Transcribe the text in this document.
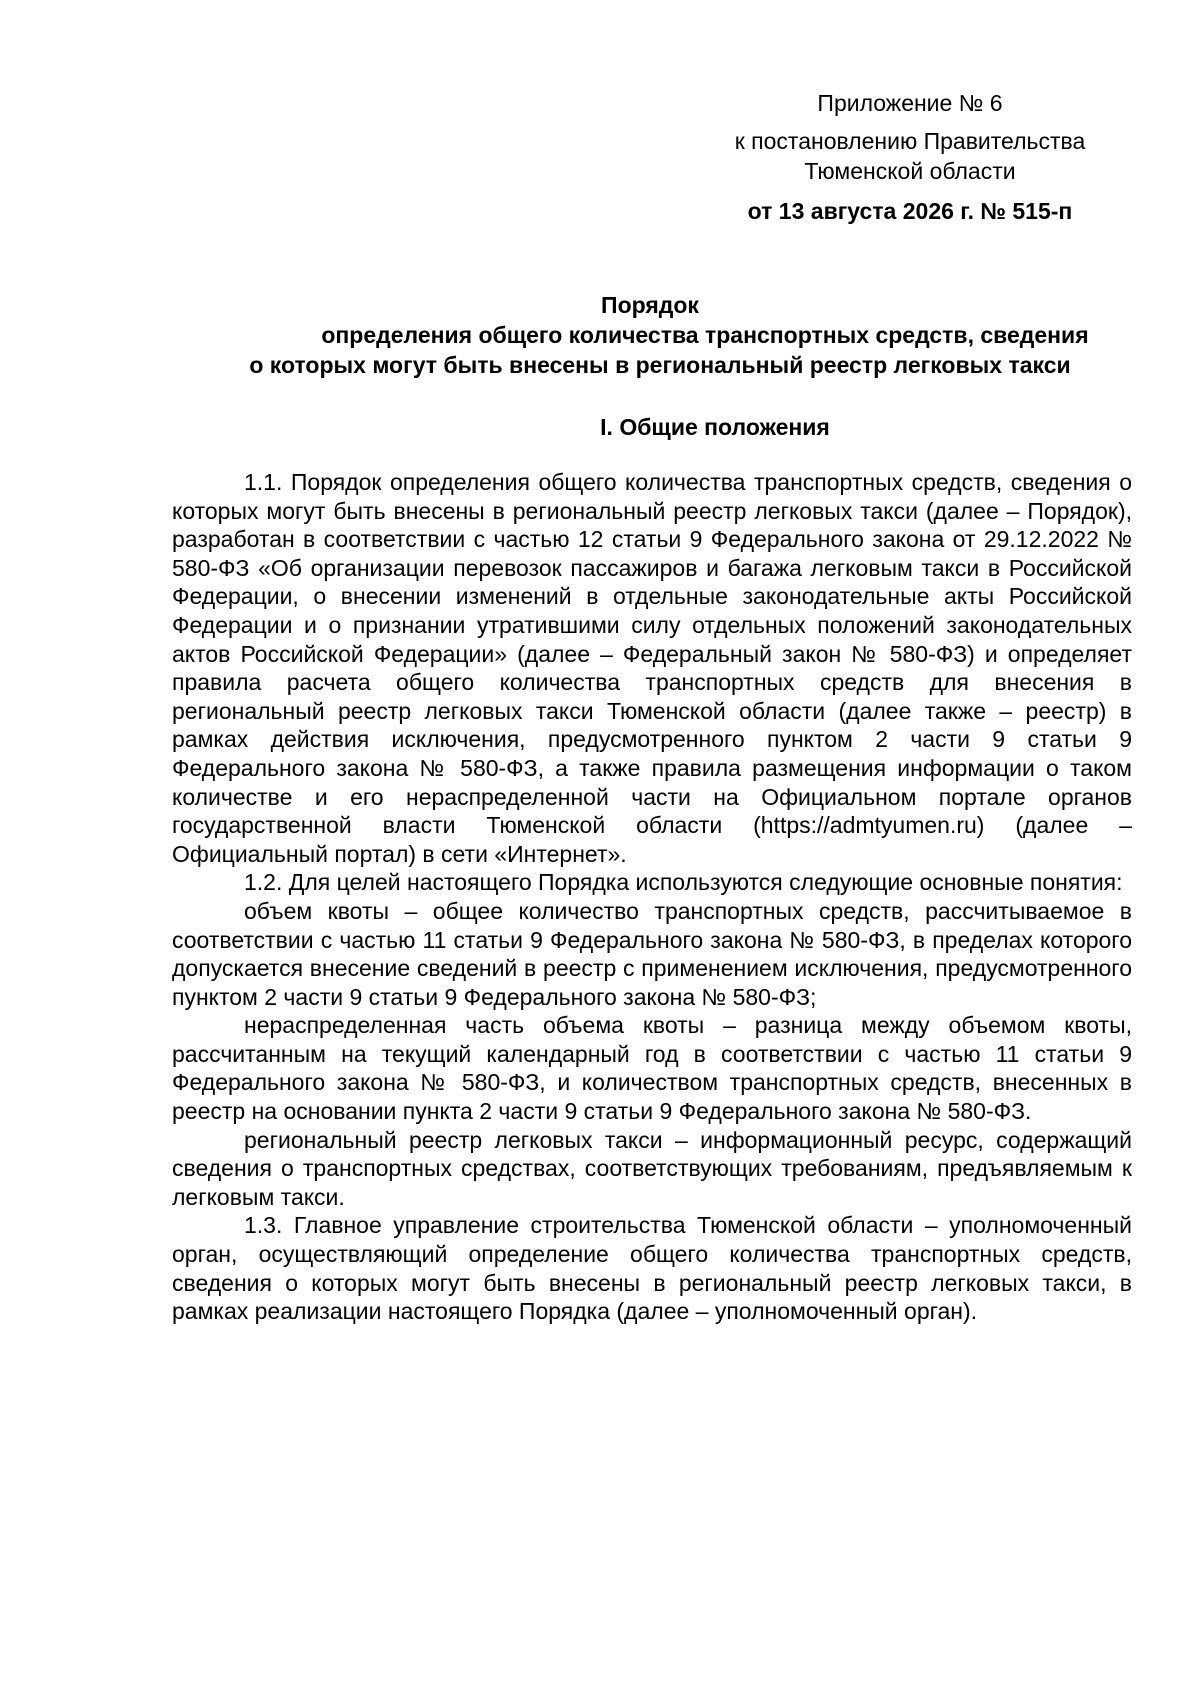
Приложение № 6
к постановлению Правительства
Тюменской области
от 13 августа 2026 г. № 515-п
Порядок
определения общего количества транспортных средств, сведения
о которых могут быть внесены в региональный реестр легковых такси
I. Общие положения

1.1. Порядок определения общего количества транспортных средств, сведения о которых могут быть внесены в региональный реестр легковых такси (далее – Порядок), разработан в соответствии с частью 12 статьи 9 Федерального закона от 29.12.2022 № 580-ФЗ «Об организации перевозок пассажиров и багажа легковым такси в Российской Федерации, о внесении изменений в отдельные законодательные акты Российской Федерации и о признании утратившими силу отдельных положений законодательных актов Российской Федерации» (далее – Федеральный закон № 580-ФЗ) и определяет правила расчета общего количества транспортных средств для внесения в региональный реестр легковых такси Тюменской области (далее также – реестр) в рамках действия исключения, предусмотренного пунктом 2 части 9 статьи 9 Федерального закона № 580-ФЗ, а также правила размещения информации о таком количестве и его нераспределенной части на Официальном портале органов государственной власти Тюменской области (https://admtyumen.ru) (далее – Официальный портал) в сети «Интернет».

1.2. Для целей настоящего Порядка используются следующие основные понятия:

объем квоты – общее количество транспортных средств, рассчитываемое в соответствии с частью 11 статьи 9 Федерального закона № 580-ФЗ, в пределах которого допускается внесение сведений в реестр с применением исключения, предусмотренного пунктом 2 части 9 статьи 9 Федерального закона № 580-ФЗ;

нераспределенная часть объема квоты – разница между объемом квоты, рассчитанным на текущий календарный год в соответствии с частью 11 статьи 9 Федерального закона № 580-ФЗ, и количеством транспортных средств, внесенных в реестр на основании пункта 2 части 9 статьи 9 Федерального закона № 580-ФЗ.

региональный реестр легковых такси – информационный ресурс, содержащий сведения о транспортных средствах, соответствующих требованиям, предъявляемым к легковым такси.

1.3. Главное управление строительства Тюменской области – уполномоченный орган, осуществляющий определение общего количества транспортных средств, сведения о которых могут быть внесены в региональный реестр легковых такси, в рамках реализации настоящего Порядка (далее – уполномоченный орган).
